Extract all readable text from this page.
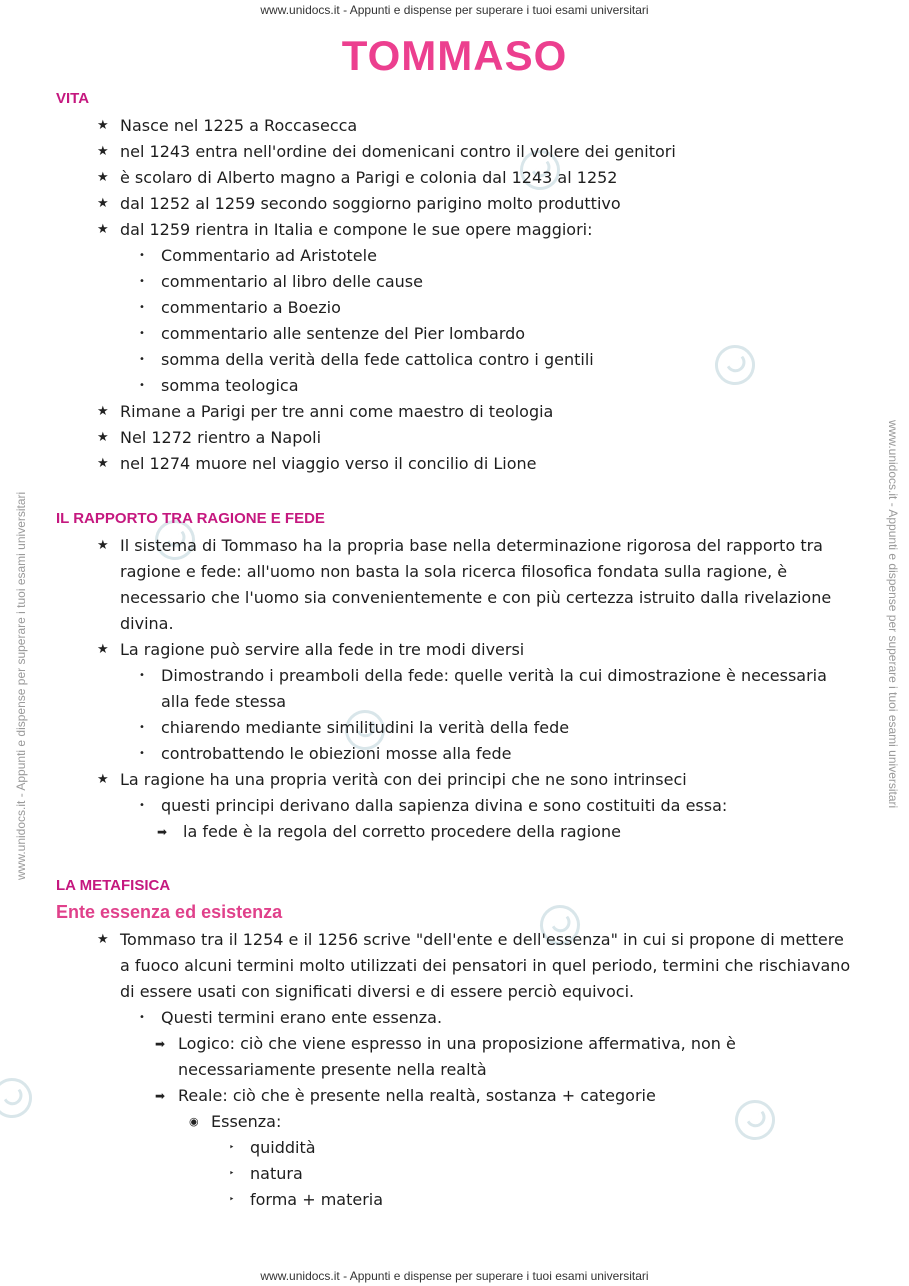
www.unidocs.it - Appunti e dispense per superare i tuoi esami universitari
www.unidocs.it - Appunti e dispense per superare i tuoi esami universitari
www.unidocs.it - Appunti e dispense per superare i tuoi esami universitari	www.unidocs.it - Appunti e dispense per superare i tuoi esami universitari
TOMMASO
VITA
★ Nasce nel 1225 a Roccasecca
★ nel 1243 entra nell'ordine dei domenicani contro il volere dei genitori
★ è scolaro di Alberto magno a Parigi e colonia dal 1243 al 1252
★ dal 1252 al 1259 secondo soggiorno parigino molto produttivo
★ dal 1259 rientra in Italia e compone le sue opere maggiori:
• Commentario ad Aristotele
• commentario al libro delle cause
• commentario a Boezio
• commentario alle sentenze del Pier lombardo
• somma della verità della fede cattolica contro i gentili
• somma teologica
★ Rimane a Parigi per tre anni come maestro di teologia
★ Nel 1272 rientro a Napoli
★ nel 1274 muore nel viaggio verso il concilio di Lione
IL RAPPORTO TRA RAGIONE E FEDE
★ Il sistema di Tommaso ha la propria base nella determinazione rigorosa del rapporto tra ragione e fede: all'uomo non basta la sola ricerca filosofica fondata sulla ragione, è necessario che l'uomo sia convenientemente e con più certezza istruito dalla rivelazione divina.
★ La ragione può servire alla fede in tre modi diversi
• Dimostrando i preamboli della fede: quelle verità la cui dimostrazione è necessaria alla fede stessa
• chiarendo mediante similitudini la verità della fede
• controbattendo le obiezioni mosse alla fede
★ La ragione ha una propria verità con dei principi che ne sono intrinseci
• questi principi derivano dalla sapienza divina e sono costituiti da essa:
➡ la fede è la regola del corretto procedere della ragione
LA METAFISICA
Ente essenza ed esistenza
★ Tommaso tra il 1254 e il 1256 scrive "dell'ente e dell'essenza" in cui si propone di mettere a fuoco alcuni termini molto utilizzati dei pensatori in quel periodo, termini che rischiavano di essere usati con significati diversi e di essere perciò equivoci.
• Questi termini erano ente essenza.
➡ Logico: ciò che viene espresso in una proposizione affermativa, non è necessariamente presente nella realtà
➡ Reale: ciò che è presente nella realtà, sostanza + categorie
◉ Essenza:
‣ quiddità
‣ natura
‣ forma + materia
